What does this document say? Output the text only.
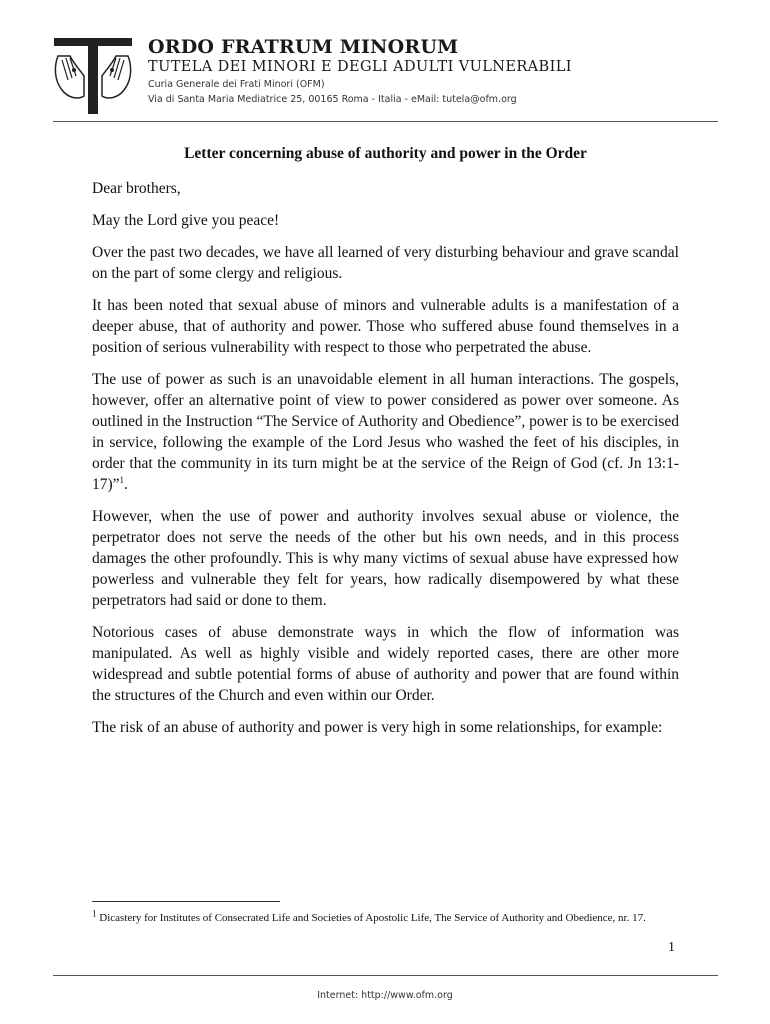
ORDO FRATRUM MINORUM
TUTELA DEI MINORI E DEGLI ADULTI VULNERABILI
Curia Generale dei Frati Minori (OFM)
Via di Santa Maria Mediatrice 25, 00165 Roma - Italia - eMail: tutela@ofm.org
Letter concerning abuse of authority and power in the Order

Dear brothers,

May the Lord give you peace!

Over the past two decades, we have all learned of very disturbing behaviour and grave scandal on the part of some clergy and religious.

It has been noted that sexual abuse of minors and vulnerable adults is a manifestation of a deeper abuse, that of authority and power. Those who suffered abuse found themselves in a position of serious vulnerability with respect to those who perpetrated the abuse.

The use of power as such is an unavoidable element in all human interactions. The gospels, however, offer an alternative point of view to power considered as power over someone. As outlined in the Instruction “The Service of Authority and Obedience”, power is to be exercised in service, following the example of the Lord Jesus who washed the feet of his disciples, in order that the community in its turn might be at the service of the Reign of God (cf. Jn 13:1-17)”$^1$.

However, when the use of power and authority involves sexual abuse or violence, the perpetrator does not serve the needs of the other but his own needs, and in this process damages the other profoundly. This is why many victims of sexual abuse have expressed how powerless and vulnerable they felt for years, how radically disempowered by what these perpetrators had said or done to them.

Notorious cases of abuse demonstrate ways in which the flow of information was manipulated. As well as highly visible and widely reported cases, there are other more widespread and subtle potential forms of abuse of authority and power that are found within the structures of the Church and even within our Order.

The risk of an abuse of authority and power is very high in some relationships, for example:

$^1$ Dicastery for Institutes of Consecrated Life and Societies of Apostolic Life, The Service of Authority and Obedience, nr. 17.
1
Internet: http://www.ofm.org
